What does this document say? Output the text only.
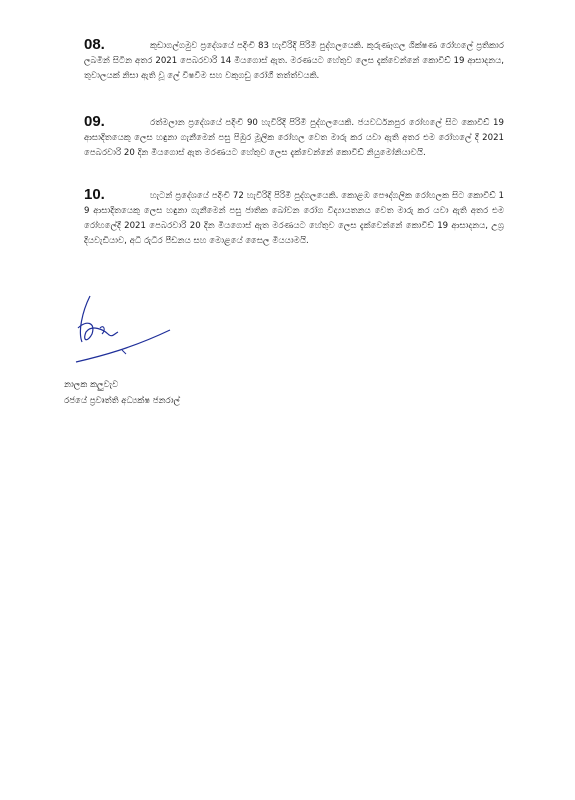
08.	කුඩාගල්ගමුව ප්‍රදේශයේ පදිංචි 83 හැවිරිදි පිරිමි පුද්ගලයෙකි. කුරුණෑගල ශික්ෂණ රෝහලේ ප්‍රතිකාර ලබමින් සිටින අතර 2021 පෙබරවාරි 14 මියගොස් ඇත. මරණයට හේතුව ලෙස දැක්වෙන්නේ කොවිඩ් 19 ආසාදනය, තුවාලයක් නිසා ඇති වූ ලේ විෂවීම සහ වකුගඩු රෝගී තත්ත්වයකි.

09.	රත්මලාන ප්‍රදේශයේ පදිංචි 90 හැවිරිදි පිරිමි පුද්ගලයෙකි. ජයවර්ධනපුර රෝහලේ සිට කොවිඩ් 19 ආසාදිතයෙකු ලෙස හඳුනා ගැනීමෙන් පසු පිඹුර මූලික රෝහල වෙත මාරු කර යවා ඇති අතර එම රෝහලේ දී 2021 පෙබරවාරි 20 දින මියගොස් ඇත මරණයට හේතුව ලෙස දැක්වෙන්නේ කොවිඩ් නියුමෝනියාවයි.

10.	හැටන් ප්‍රදේශයේ පදිංචි 72 හැවිරිදි පිරිමි පුද්ගලයෙකි. කොළඹ පෞද්ගලික රෝහලක සිට කොවිඩ් 19 ආසාදිතයෙකු ලෙස හඳුනා ගැනීමෙන් පසු ජාතික බෝවන රෝග විද්‍යායතනය වෙත මාරු කර යවා ඇති අතර එම රෝහලේදී 2021 පෙබරවාරි 20 දින මියගොස් ඇත මරණයට හේතුව ලෙස දැක්වෙන්නේ කොවිඩ් 19 ආසාදනය, උග්‍ර දියවැඩියාව, අධි රුධිර පීඩනය සහ මොළයේ සෛල මියයාමයි.

නාලක කලුවැව
රජයේ ප්‍රවෘත්ති අධ්‍යක්ෂ ජනරාල්
